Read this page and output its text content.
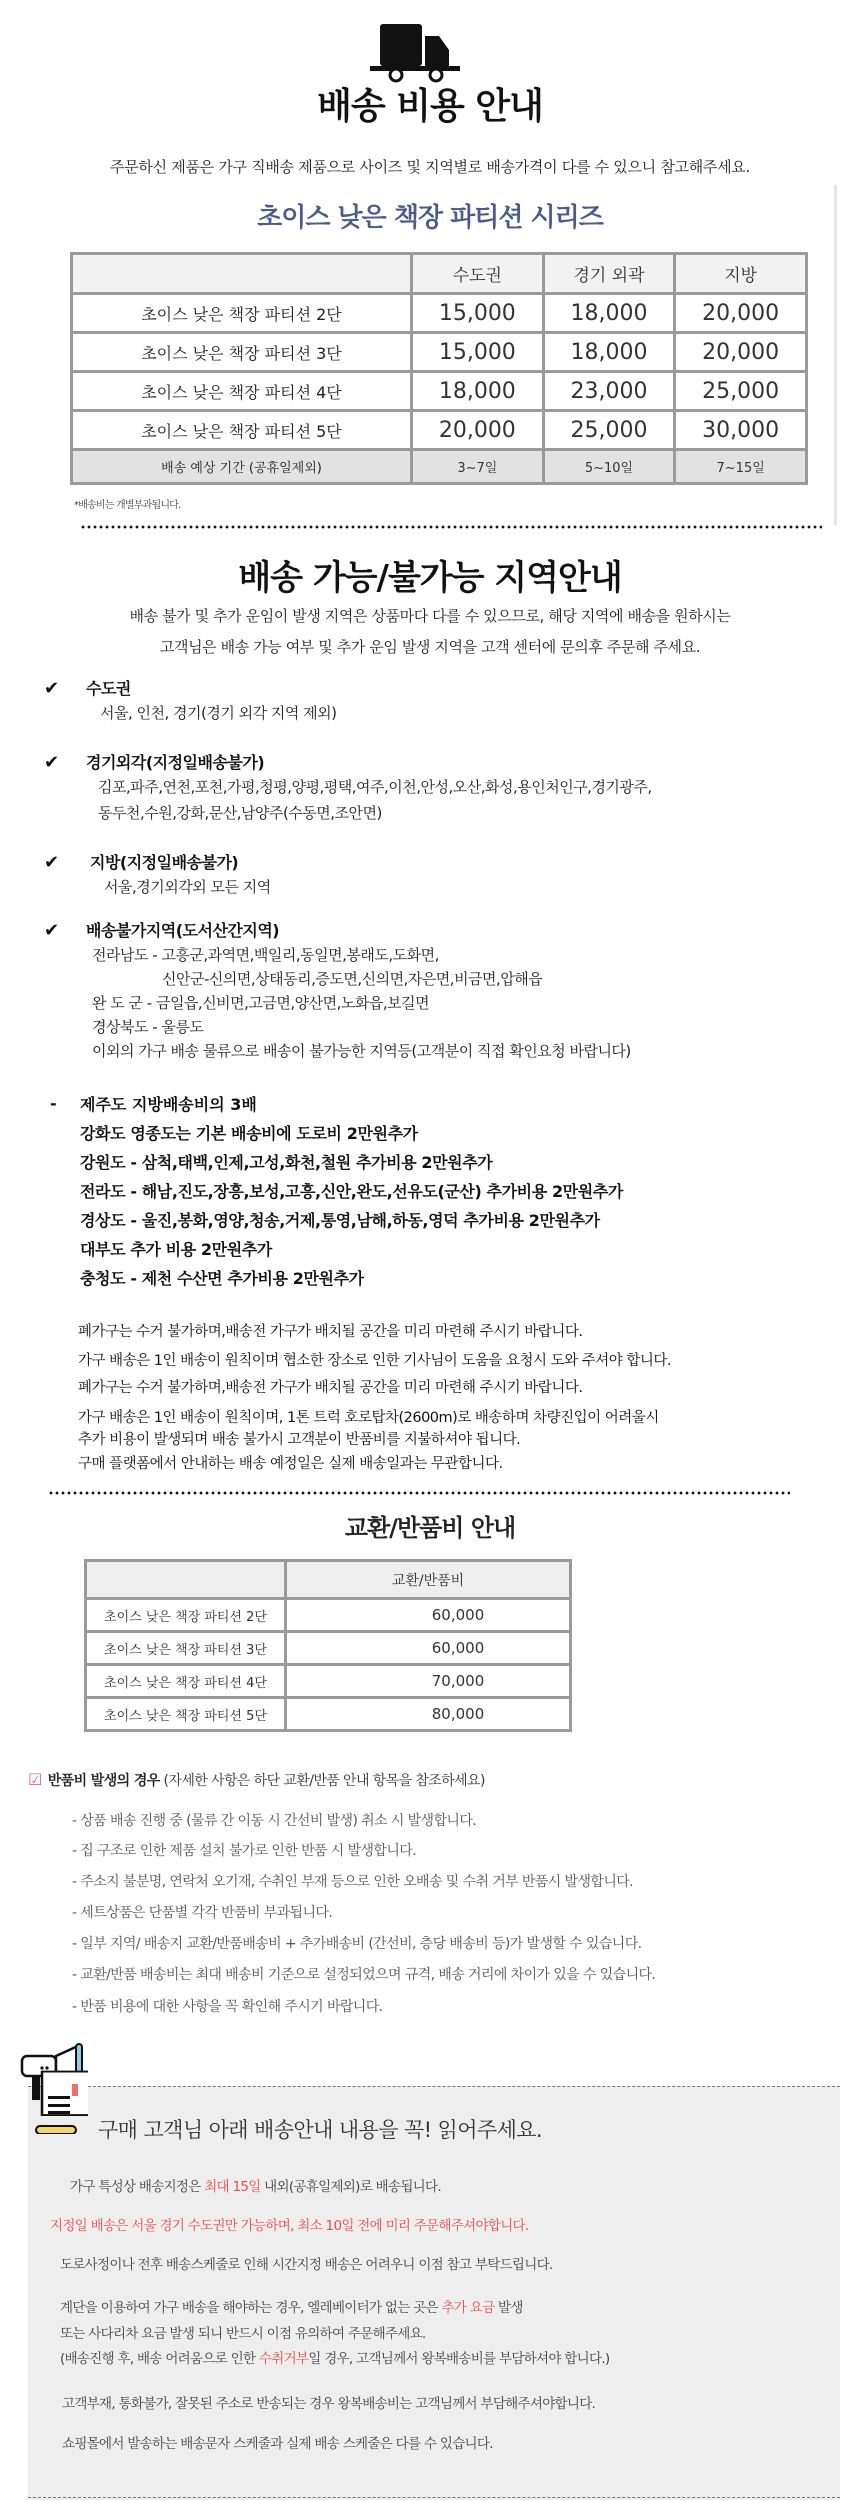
배송 비용 안내
주문하신 제품은 가구 직배송 제품으로 사이즈 및 지역별로 배송가격이 다를 수 있으니 참고해주세요.
초이스 낮은 책장 파티션 시리즈
	수도권	경기 외곽	지방
초이스 낮은 책장 파티션 2단	15,000	18,000	20,000
초이스 낮은 책장 파티션 3단	15,000	18,000	20,000
초이스 낮은 책장 파티션 4단	18,000	23,000	25,000
초이스 낮은 책장 파티션 5단	20,000	25,000	30,000
배송 예상 기간 (공휴일제외)	3~7일	5~10일	7~15일
*배송비는 개별부과됩니다.
배송 가능/불가능 지역안내
배송 불가 및 추가 운임이 발생 지역은 상품마다 다를 수 있으므로, 해당 지역에 배송을 원하시는
고객님은 배송 가능 여부 및 추가 운임 발생 지역을 고객 센터에 문의후 주문해 주세요.
✔ 수도권
서울, 인천, 경기(경기 외각 지역 제외)
✔ 경기외각(지정일배송불가)
김포,파주,연천,포천,가평,청평,양평,평택,여주,이천,안성,오산,화성,용인처인구,경기광주,
동두천,수원,강화,문산,남양주(수동면,조안면)
✔ 지방(지정일배송불가)
서울,경기외각외 모든 지역
✔ 배송불가지역(도서산간지역)
전라남도 - 고흥군,과역면,백일리,동일면,봉래도,도화면,
신안군-신의면,상태동리,증도면,신의면,자은면,비금면,압해읍
완 도 군 - 금일읍,신비면,고금면,양산면,노화읍,보길면
경상북도 - 울릉도
이외의 가구 배송 물류으로 배송이 불가능한 지역등(고객분이 직접 확인요청 바랍니다)
- 제주도 지방배송비의 3배
강화도 영종도는 기본 배송비에 도로비 2만원추가
강원도 - 삼척,태백,인제,고성,화천,철원 추가비용 2만원추가
전라도 - 해남,진도,장흥,보성,고흥,신안,완도,선유도(군산) 추가비용 2만원추가
경상도 - 울진,봉화,영양,청송,거제,통영,남해,하동,영덕 추가비용 2만원추가
대부도 추가 비용 2만원추가
충청도 - 제천 수산면 추가비용 2만원추가
폐가구는 수거 불가하며,배송전 가구가 배치될 공간을 미리 마련해 주시기 바랍니다.
가구 배송은 1인 배송이 원칙이며 협소한 장소로 인한 기사님이 도움을 요청시 도와 주셔야 합니다.
폐가구는 수거 불가하며,배송전 가구가 배치될 공간을 미리 마련해 주시기 바랍니다.
가구 배송은 1인 배송이 원칙이며, 1톤 트럭 호로탑차(2600m)로 배송하며 차량진입이 어려울시
추가 비용이 발생되며 배송 불가시 고객분이 반품비를 지불하셔야 됩니다.
구매 플랫폼에서 안내하는 배송 예정일은 실제 배송일과는 무관합니다.
교환/반품비 안내
	교환/반품비
초이스 낮은 책장 파티션 2단	60,000
초이스 낮은 책장 파티션 3단	60,000
초이스 낮은 책장 파티션 4단	70,000
초이스 낮은 책장 파티션 5단	80,000
☑ 반품비 발생의 경우 (자세한 사항은 하단 교환/반품 안내 항목을 참조하세요)
- 상품 배송 진행 중 (물류 간 이동 시 간선비 발생) 취소 시 발생합니다.
- 집 구조로 인한 제품 설치 불가로 인한 반품 시 발생합니다.
- 주소지 불분명, 연락처 오기재, 수취인 부재 등으로 인한 오배송 및 수취 거부 반품시 발생합니다.
- 세트상품은 단품별 각각 반품비 부과됩니다.
- 일부 지역/ 배송지 교환/반품배송비 + 추가배송비 (간선비, 층당 배송비 등)가 발생할 수 있습니다.
- 교환/반품 배송비는 최대 배송비 기준으로 설정되었으며 규격, 배송 거리에 차이가 있을 수 있습니다.
- 반품 비용에 대한 사항을 꼭 확인해 주시기 바랍니다.
구매 고객님 아래 배송안내 내용을 꼭! 읽어주세요.
가구 특성상 배송지정은 최대 15일 내외(공휴일제외)로 배송됩니다.
지정일 배송은 서울 경기 수도권만 가능하며, 최소 10일 전에 미리 주문해주셔야합니다.
도로사정이나 전후 배송스케줄로 인해 시간지정 배송은 어려우니 이점 참고 부탁드립니다.
계단을 이용하여 가구 배송을 해야하는 경우, 엘레베이터가 없는 곳은 추가 요금 발생
또는 사다리차 요금 발생 되니 반드시 이점 유의하여 주문해주세요.
(배송진행 후, 배송 어려움으로 인한 수취거부일 경우, 고객님께서 왕복배송비를 부담하셔야 합니다.)
고객부재, 통화불가, 잘못된 주소로 반송되는 경우 왕복배송비는 고객님께서 부담해주셔야합니다.
쇼핑몰에서 발송하는 배송문자 스케줄과 실제 배송 스케줄은 다를 수 있습니다.
